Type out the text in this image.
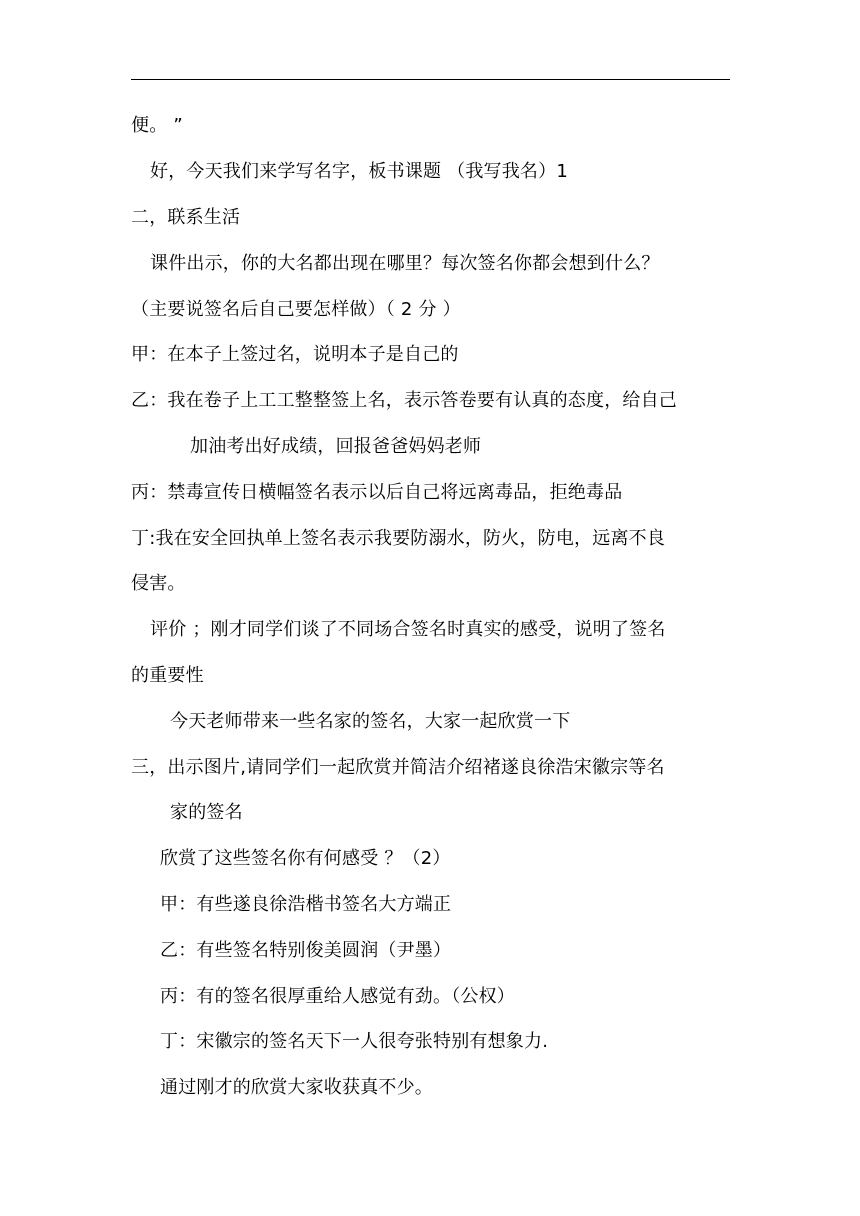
便。 ”
好，今天我们来学写名字，板书课题 （我写我名）1
二，联系生活
课件出示，你的大名都出现在哪里？每次签名你都会想到什么？
（主要说签名后自己要怎样做）（ 2 分 ）
甲：在本子上签过名，说明本子是自己的
乙：我在卷子上工工整整签上名，表示答卷要有认真的态度，给自己
加油考出好成绩，回报爸爸妈妈老师
丙：禁毒宣传日横幅签名表示以后自己将远离毒品，拒绝毒品
丁:我在安全回执单上签名表示我要防溺水，防火，防电，远离不良
侵害。
评价 ；刚才同学们谈了不同场合签名时真实的感受，说明了签名
的重要性
今天老师带来一些名家的签名，大家一起欣赏一下
三，出示图片,请同学们一起欣赏并简洁介绍褚遂良徐浩宋徽宗等名
家的签名
欣赏了这些签名你有何感受 ？（2）
甲：有些遂良徐浩楷书签名大方端正
乙：有些签名特别俊美圆润（尹墨）
丙：有的签名很厚重给人感觉有劲。（公权）
丁：宋徽宗的签名天下一人很夸张特别有想象力.
通过刚才的欣赏大家收获真不少。
